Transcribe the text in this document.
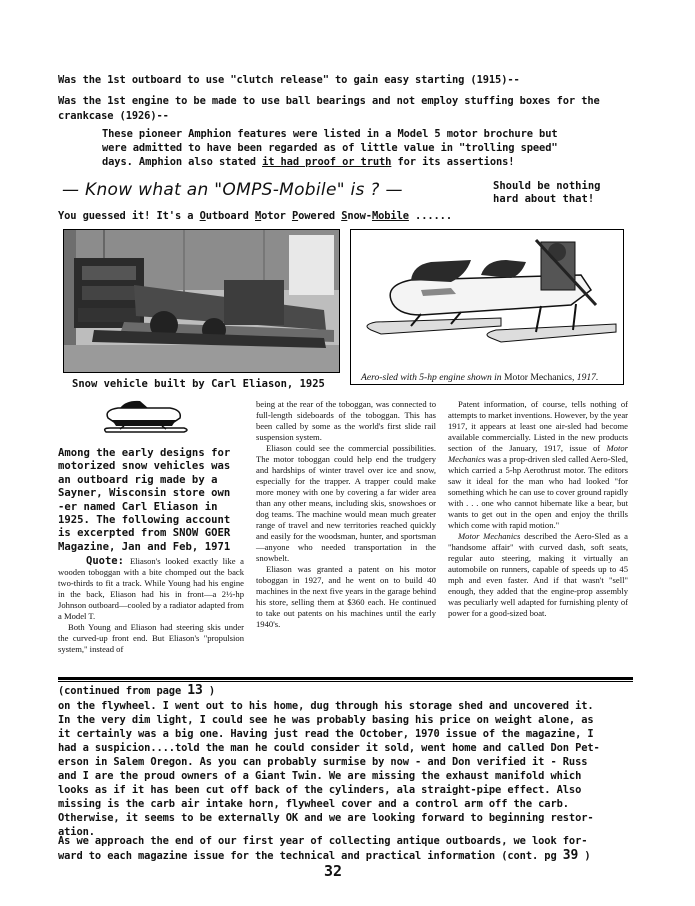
Was the 1st outboard to use "clutch release" to gain easy starting (1915)--
Was the 1st engine to be made to use ball bearings and not employ stuffing boxes for the
crankcase (1926)--
These pioneer Amphion features were listed in a Model 5 motor brochure but
were admitted to have been regarded as of little value in "trolling speed"
days. Amphion also stated it had proof or truth for its assertions!
— Know what an "OMPS-Mobile" is ? —	Should be nothing
hard about that!
You guessed it! It's a Outboard Motor Powered Snow-Mobile ......
Snow vehicle built by Carl Eliason, 1925
Aero-sled with 5-hp engine shown in Motor Mechanics, 1917.
Among the early designs for
motorized snow vehicles was
an outboard rig made by a
Sayner, Wisconsin store own
-er named Carl Eliason in
1925. The following account
is excerpted from SNOW GOER
Magazine, Jan and Feb, 1971

Quote: Eliason's looked exactly like a wooden toboggan with a bite chomped out the back two-thirds to fit a track. While Young had his engine in the back, Eliason had his in front—a 2½-hp Johnson outboard—cooled by a radiator adapted from a Model T.

Both Young and Eliason had steering skis under the curved-up front end. But Eliason's "propulsion system," instead of

being at the rear of the toboggan, was connected to full-length sideboards of the toboggan. This has been called by some as the world's first slide rail suspension system.

Eliason could see the commercial possibilities. The motor toboggan could help end the trudgery and hardships of winter travel over ice and snow, especially for the trapper. A trapper could make more money with one by covering a far wider area than any other means, including skis, snowshoes or dog teams. The machine would mean much greater range of travel and new territories reached quickly and easily for the woodsman, hunter, and sportsman—anyone who needed transportation in the snowbelt.

Eliason was granted a patent on his motor toboggan in 1927, and he went on to build 40 machines in the next five years in the garage behind his store, selling them at $360 each. He continued to take out patents on his machines until the early 1940's.

Patent information, of course, tells nothing of attempts to market inventions. However, by the year 1917, it appears at least one air-sled had become available commercially. Listed in the new products section of the January, 1917, issue of Motor Mechanics was a prop-driven sled called Aero-Sled, which carried a 5-hp Aerothrust motor. The editors saw it ideal for the man who had looked "for something which he can use to cover ground rapidly with . . . one who cannot hibernate like a bear, but wants to get out in the open and enjoy the thrills which come with rapid motion."

Motor Mechanics described the Aero-Sled as a "handsome affair" with curved dash, soft seats, regular auto steering, making it virtually an automobile on runners, capable of speeds up to 45 mph and even faster. And if that wasn't "sell" enough, they added that the engine-prop assembly was peculiarly well adapted for furnishing plenty of power for a good-sized boat.

(continued from page 13 )
on the flywheel. I went out to his home, dug through his storage shed and uncovered it.
In the very dim light, I could see he was probably basing his price on weight alone, as
it certainly was a big one. Having just read the October, 1970 issue of the magazine, I
had a suspicion....told the man he could consider it sold, went home and called Don Pet-
erson in Salem Oregon. As you can probably surmise by now - and Don verified it - Russ
and I are the proud owners of a Giant Twin. We are missing the exhaust manifold which
looks as if it has been cut off back of the cylinders, ala straight-pipe effect. Also
missing is the carb air intake horn, flywheel cover and a control arm off the carb.
Otherwise, it seems to be externally OK and we are looking forward to beginning restor-
ation.
As we approach the end of our first year of collecting antique outboards, we look for-
ward to each magazine issue for the technical and practical information (cont. pg 39 )
32
